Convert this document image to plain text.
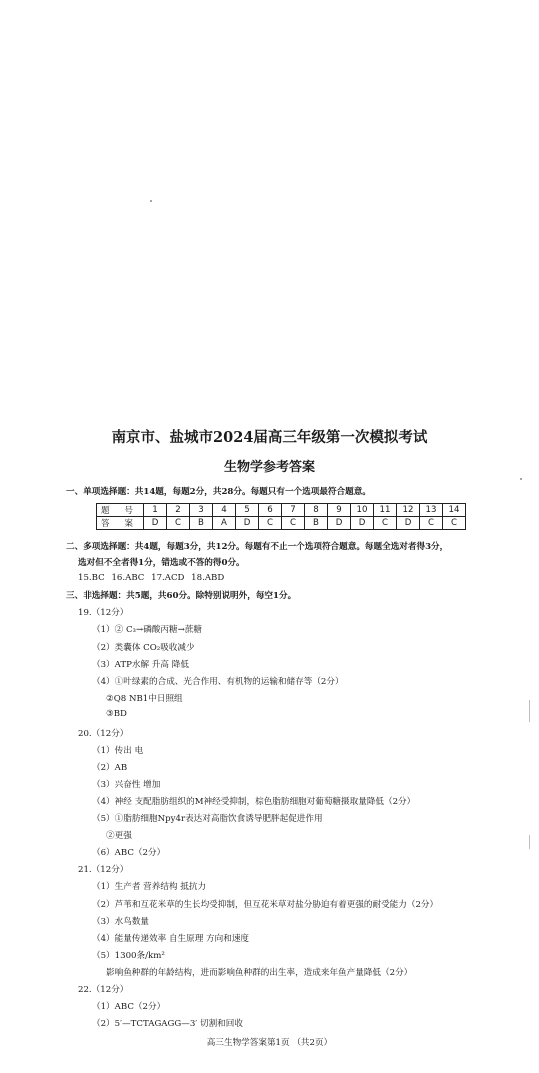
南京市、盐城市2024届高三年级第一次模拟考试
生物学参考答案
一、单项选择题：共14题，每题2分，共28分。每题只有一个选项最符合题意。
题 号	1	2	3	4	5	6	7	8	9	10	11	12	13	14
答 案	D	C	B	A	D	C	C	B	D	D	C	D	C	C
二、多项选择题：共4题，每题3分，共12分。每题有不止一个选项符合题意。每题全选对者得3分，
选对但不全者得1分，错选或不答的得0分。
15.BC 16.ABC 17.ACD 18.ABD
三、非选择题：共5题，共60分。除特别说明外，每空1分。
19.（12分）
（1）② C₃→磷酸丙糖→蔗糖
（2）类囊体 CO₂吸收减少
（3）ATP水解 升高 降低
（4）①叶绿素的合成、光合作用、有机物的运输和储存等（2分）
②Q8 NB1中日照组
③BD
20.（12分）
（1）传出 电
（2）AB
（3）兴奋性 增加
（4）神经 支配脂肪组织的M神经受抑制，棕色脂肪细胞对葡萄糖摄取量降低（2分）
（5）①脂肪细胞Npy4r表达对高脂饮食诱导肥胖起促进作用
②更强
（6）ABC（2分）
21.（12分）
（1）生产者 营养结构 抵抗力
（2）芦苇和互花米草的生长均受抑制，但互花米草对盐分胁迫有着更强的耐受能力（2分）
（3）水鸟数量
（4）能量传递效率 自生原理 方向和速度
（5）1300条/km²
影响鱼种群的年龄结构，进而影响鱼种群的出生率，造成来年鱼产量降低（2分）
22.（12分）
（1）ABC（2分）
（2）5′—TCTAGAGG—3′ 切割和回收
高三生物学答案第1页 （共2页）
